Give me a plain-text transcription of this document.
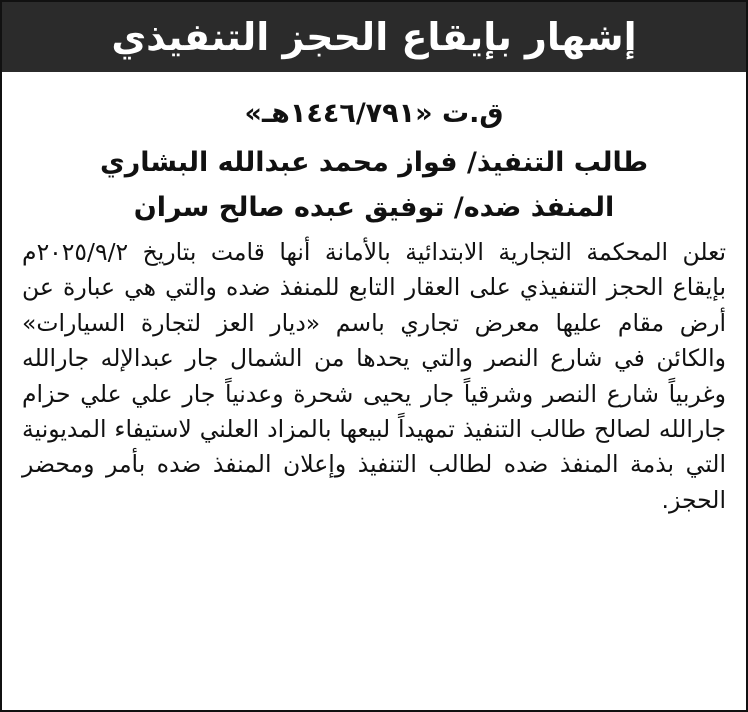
إشهار بإيقاع الحجز التنفيذي
ق.ت «١٤٤٦/٧٩١هـ»
طالب التنفيذ/ فواز محمد عبدالله البشاري
المنفذ ضده/ توفيق عبده صالح سران

تعلن المحكمة التجارية الابتدائية بالأمانة أنها قامت بتاريخ ٢٠٢٥/٩/٢م بإيقاع الحجز التنفيذي على العقار التابع للمنفذ ضده والتي هي عبارة عن أرض مقام عليها معرض تجاري باسم «ديار العز لتجارة السيارات» والكائن في شارع النصر والتي يحدها من الشمال جار عبدالإله جارالله وغربياً شارع النصر وشرقياً جار يحيى شحرة وعدنياً جار علي علي حزام جارالله لصالح طالب التنفيذ تمهيداً لبيعها بالمزاد العلني لاستيفاء المديونية التي بذمة المنفذ ضده لطالب التنفيذ وإعلان المنفذ ضده بأمر ومحضر الحجز.
